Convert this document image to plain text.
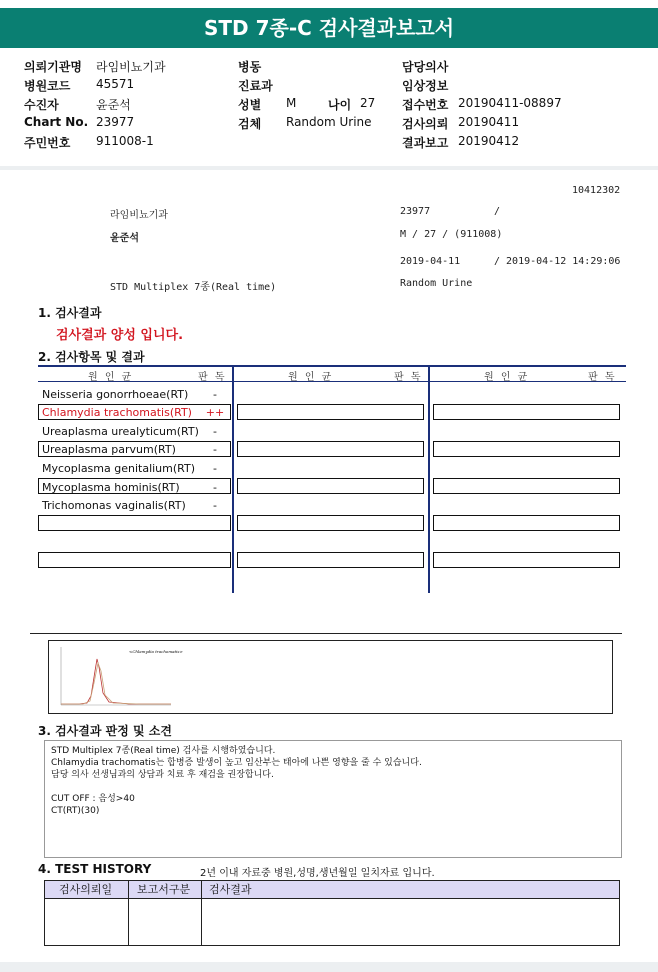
STD 7종-C 검사결과보고서
의뢰기관명 라임비뇨기과
병원코드 45571
수진자	윤준석
Chart No. 23977
주민번호 911008-1
병동
진료과
성별 M	나이 27
검체 Random Urine
담당의사
임상정보
접수번호 20190411-08897
검사의뢰 20190411
결과보고 20190412
10412302
라임비뇨기과	23977	/
윤준석	M / 27 / (911008)
2019-04-11	/ 2019-04-12 14:29:06
STD Multiplex 7종(Real time)	Random Urine
1. 검사결과
검사결과 양성 입니다.
2. 검사항목 및 결과
원 인 균	판 독	원 인 균	판 독	원 인 균	판 독
Neisseria gonorrhoeae(RT)	-
Chlamydia trachomatis(RT)	++
Ureaplasma urealyticum(RT)	-
Ureaplasma parvum(RT)	-
Mycoplasma genitalium(RT)	-
Mycoplasma hominis(RT)	-
Trichomonas vaginalis(RT)	-
<Chlamydia trachomatis>
3. 검사결과 판정 및 소견
STD Multiplex 7종(Real time) 검사를 시행하였습니다.
Chlamydia trachomatis는 합병증 발생이 높고 임산부는 태아에 나쁜 영향을 줄 수 있습니다.
담당 의사 선생님과의 상담과 치료 후 재검을 권장합니다.
CUT OFF : 음성>40
CT(RT)(30)
4. TEST HISTORY	2년 이내 자료중 병원,성명,생년월일 일치자료 입니다.
검사의뢰일 보고서구분 검사결과
